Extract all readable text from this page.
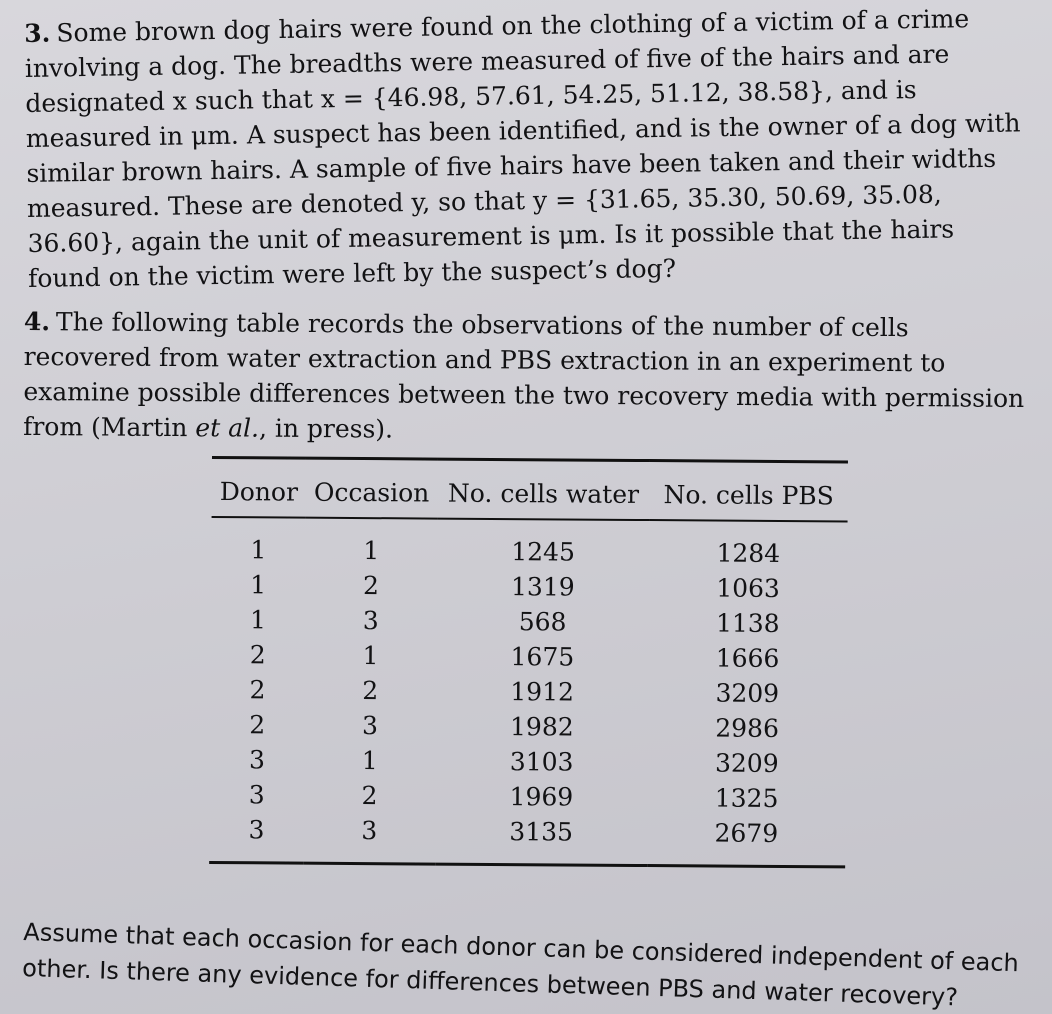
3. Some brown dog hairs were found on the clothing of a victim of a crime involving a dog. The breadths were measured of five of the hairs and are designated x such that x = {46.98, 57.61, 54.25, 51.12, 38.58}, and is measured in μm. A suspect has been identified, and is the owner of a dog with similar brown hairs. A sample of five hairs have been taken and their widths measured. These are denoted y, so that y = {31.65, 35.30, 50.69, 35.08, 36.60}, again the unit of measurement is μm. Is it possible that the hairs found on the victim were left by the suspect’s dog?

4. The following table records the observations of the number of cells recovered from water extraction and PBS extraction in an experiment to examine possible differences between the two recovery media with permission from (Martin et al., in press).

Donor	Occasion	No. cells water	No. cells PBS
1	1	1245	1284
1	2	1319	1063
1	3	568	1138
2	1	1675	1666
2	2	1912	3209
2	3	1982	2986
3	1	3103	3209
3	2	1969	1325
3	3	3135	2679

Assume that each occasion for each donor can be considered independent of each other. Is there any evidence for differences between PBS and water recovery?
